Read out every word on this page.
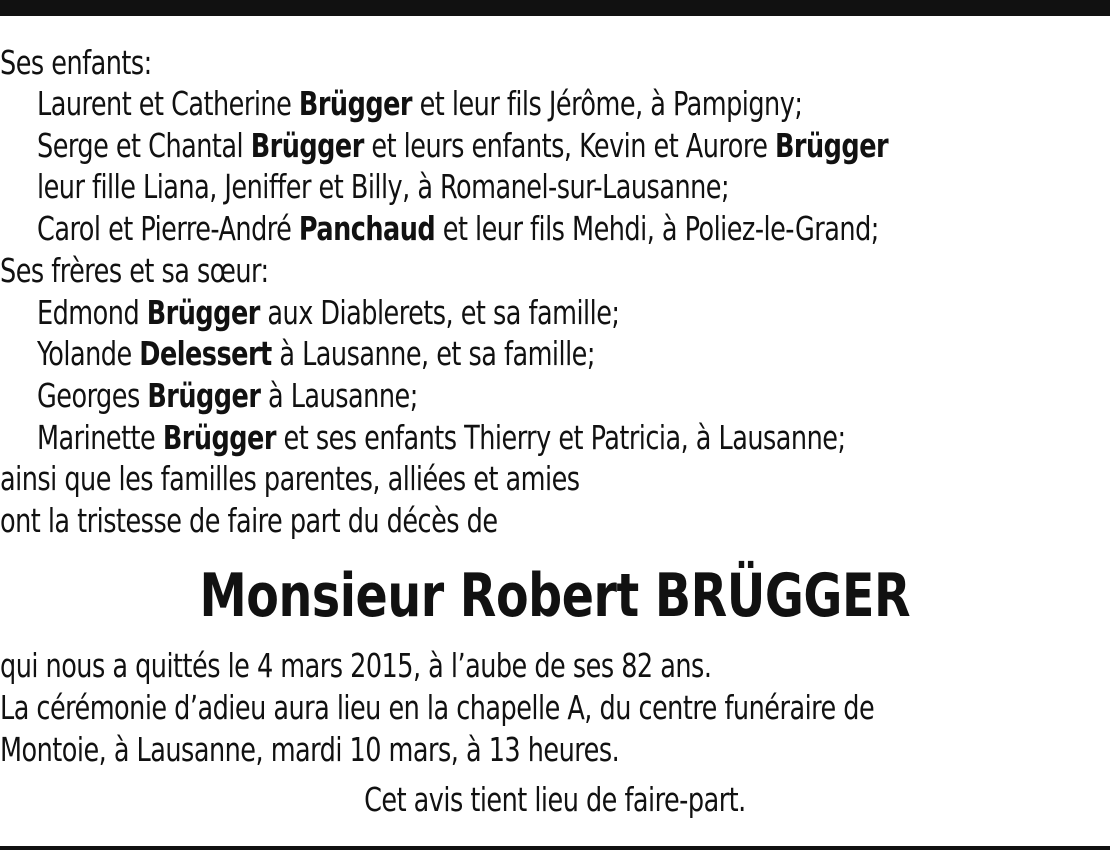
Ses enfants:
Laurent et Catherine Brügger et leur fils Jérôme, à Pampigny;
Serge et Chantal Brügger et leurs enfants, Kevin et Aurore Brügger
leur fille Liana, Jeniffer et Billy, à Romanel-sur-Lausanne;
Carol et Pierre-André Panchaud et leur fils Mehdi, à Poliez-le-Grand;
Ses frères et sa sœur:
Edmond Brügger aux Diablerets, et sa famille;
Yolande Delessert à Lausanne, et sa famille;
Georges Brügger à Lausanne;
Marinette Brügger et ses enfants Thierry et Patricia, à Lausanne;
ainsi que les familles parentes, alliées et amies
ont la tristesse de faire part du décès de
Monsieur Robert BRÜGGER
qui nous a quittés le 4 mars 2015, à l’aube de ses 82 ans.
La cérémonie d’adieu aura lieu en la chapelle A, du centre funéraire de
Montoie, à Lausanne, mardi 10 mars, à 13 heures.
Cet avis tient lieu de faire-part.
